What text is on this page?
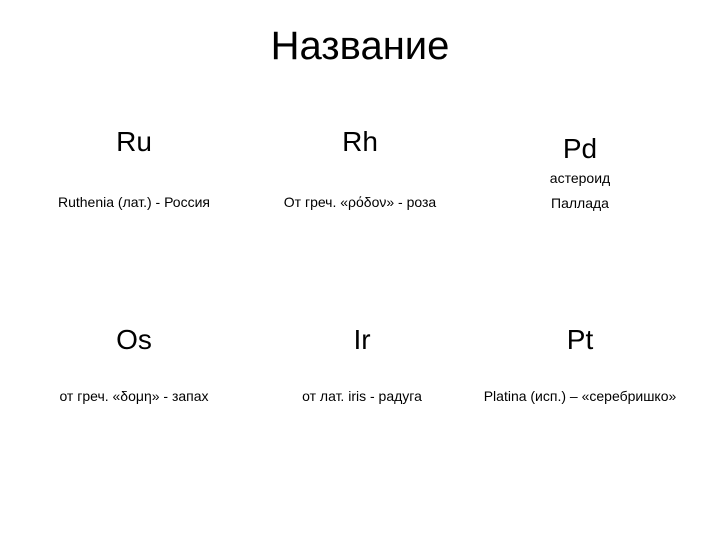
Название
Ru
Ruthenia (лат.) - Россия
Rh
От греч. «ρόδον» - роза
Pd
астероид
Паллада
Os
от греч. «δομη» - запах
Ir
от лат. iris - радуга
Pt
Platina (исп.) – «серебришко»
